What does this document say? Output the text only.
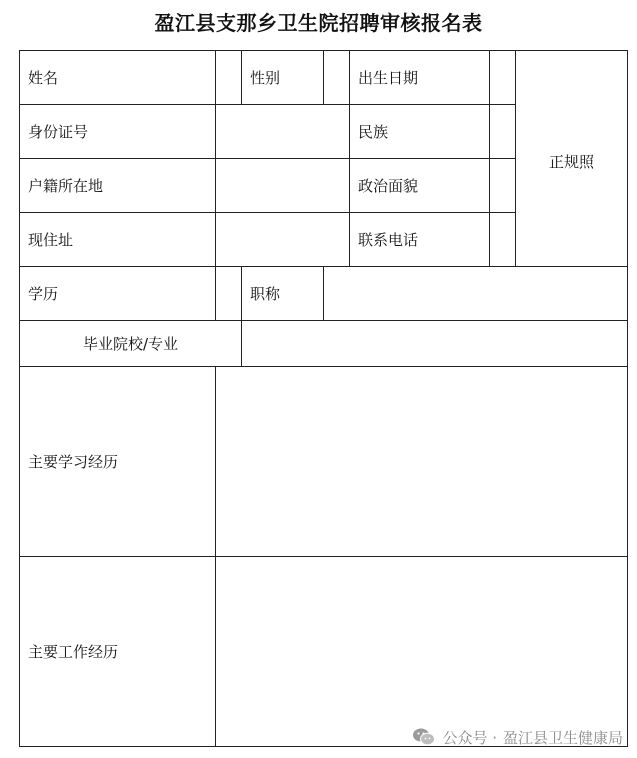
盈江县支那乡卫生院招聘审核报名表
姓名		性别		出生日期		正规照
身份证号				民族		
户籍所在地				政治面貌		
现住址				联系电话		
学历		职称				
毕业院校/专业						
主要学习经历						
主要工作经历						
公众号 · 盈江县卫生健康局
